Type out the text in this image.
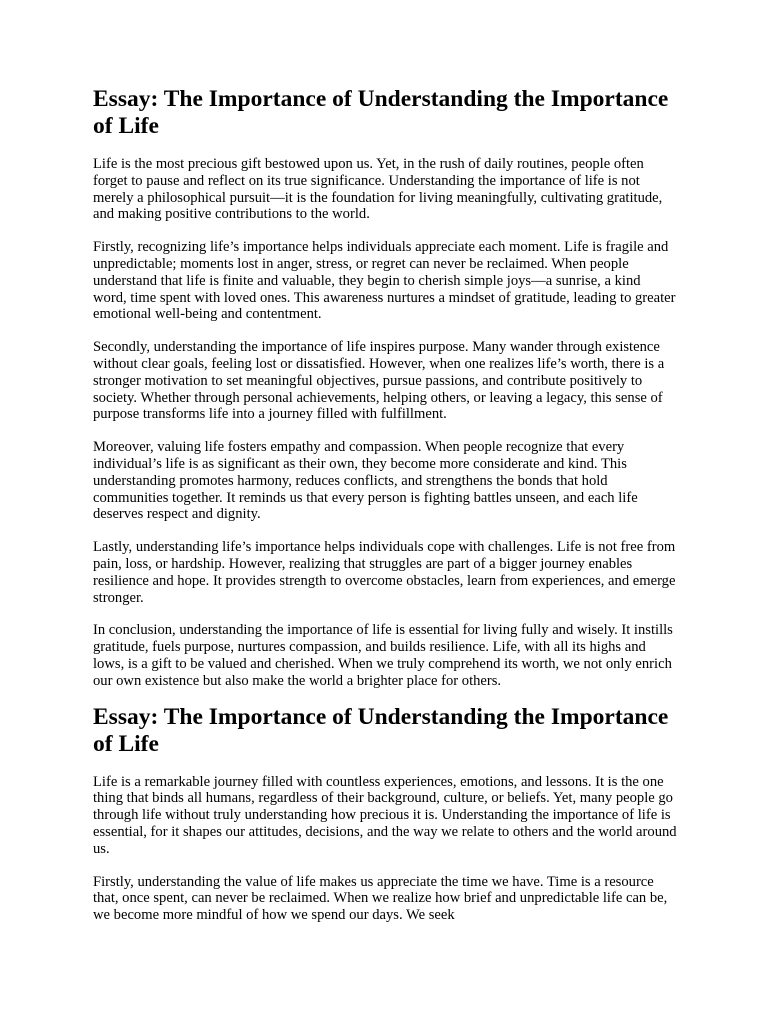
Essay: The Importance of Understanding the Importance of Life

Life is the most precious gift bestowed upon us. Yet, in the rush of daily routines, people often forget to pause and reflect on its true significance. Understanding the importance of life is not merely a philosophical pursuit—it is the foundation for living meaningfully, cultivating gratitude, and making positive contributions to the world.

Firstly, recognizing life’s importance helps individuals appreciate each moment. Life is fragile and unpredictable; moments lost in anger, stress, or regret can never be reclaimed. When people understand that life is finite and valuable, they begin to cherish simple joys—a sunrise, a kind word, time spent with loved ones. This awareness nurtures a mindset of gratitude, leading to greater emotional well-being and contentment.

Secondly, understanding the importance of life inspires purpose. Many wander through existence without clear goals, feeling lost or dissatisfied. However, when one realizes life’s worth, there is a stronger motivation to set meaningful objectives, pursue passions, and contribute positively to society. Whether through personal achievements, helping others, or leaving a legacy, this sense of purpose transforms life into a journey filled with fulfillment.

Moreover, valuing life fosters empathy and compassion. When people recognize that every individual’s life is as significant as their own, they become more considerate and kind. This understanding promotes harmony, reduces conflicts, and strengthens the bonds that hold communities together. It reminds us that every person is fighting battles unseen, and each life deserves respect and dignity.

Lastly, understanding life’s importance helps individuals cope with challenges. Life is not free from pain, loss, or hardship. However, realizing that struggles are part of a bigger journey enables resilience and hope. It provides strength to overcome obstacles, learn from experiences, and emerge stronger.

In conclusion, understanding the importance of life is essential for living fully and wisely. It instills gratitude, fuels purpose, nurtures compassion, and builds resilience. Life, with all its highs and lows, is a gift to be valued and cherished. When we truly comprehend its worth, we not only enrich our own existence but also make the world a brighter place for others.

Essay: The Importance of Understanding the Importance of Life

Life is a remarkable journey filled with countless experiences, emotions, and lessons. It is the one thing that binds all humans, regardless of their background, culture, or beliefs. Yet, many people go through life without truly understanding how precious it is. Understanding the importance of life is essential, for it shapes our attitudes, decisions, and the way we relate to others and the world around us.

Firstly, understanding the value of life makes us appreciate the time we have. Time is a resource that, once spent, can never be reclaimed. When we realize how brief and unpredictable life can be, we become more mindful of how we spend our days. We seek
